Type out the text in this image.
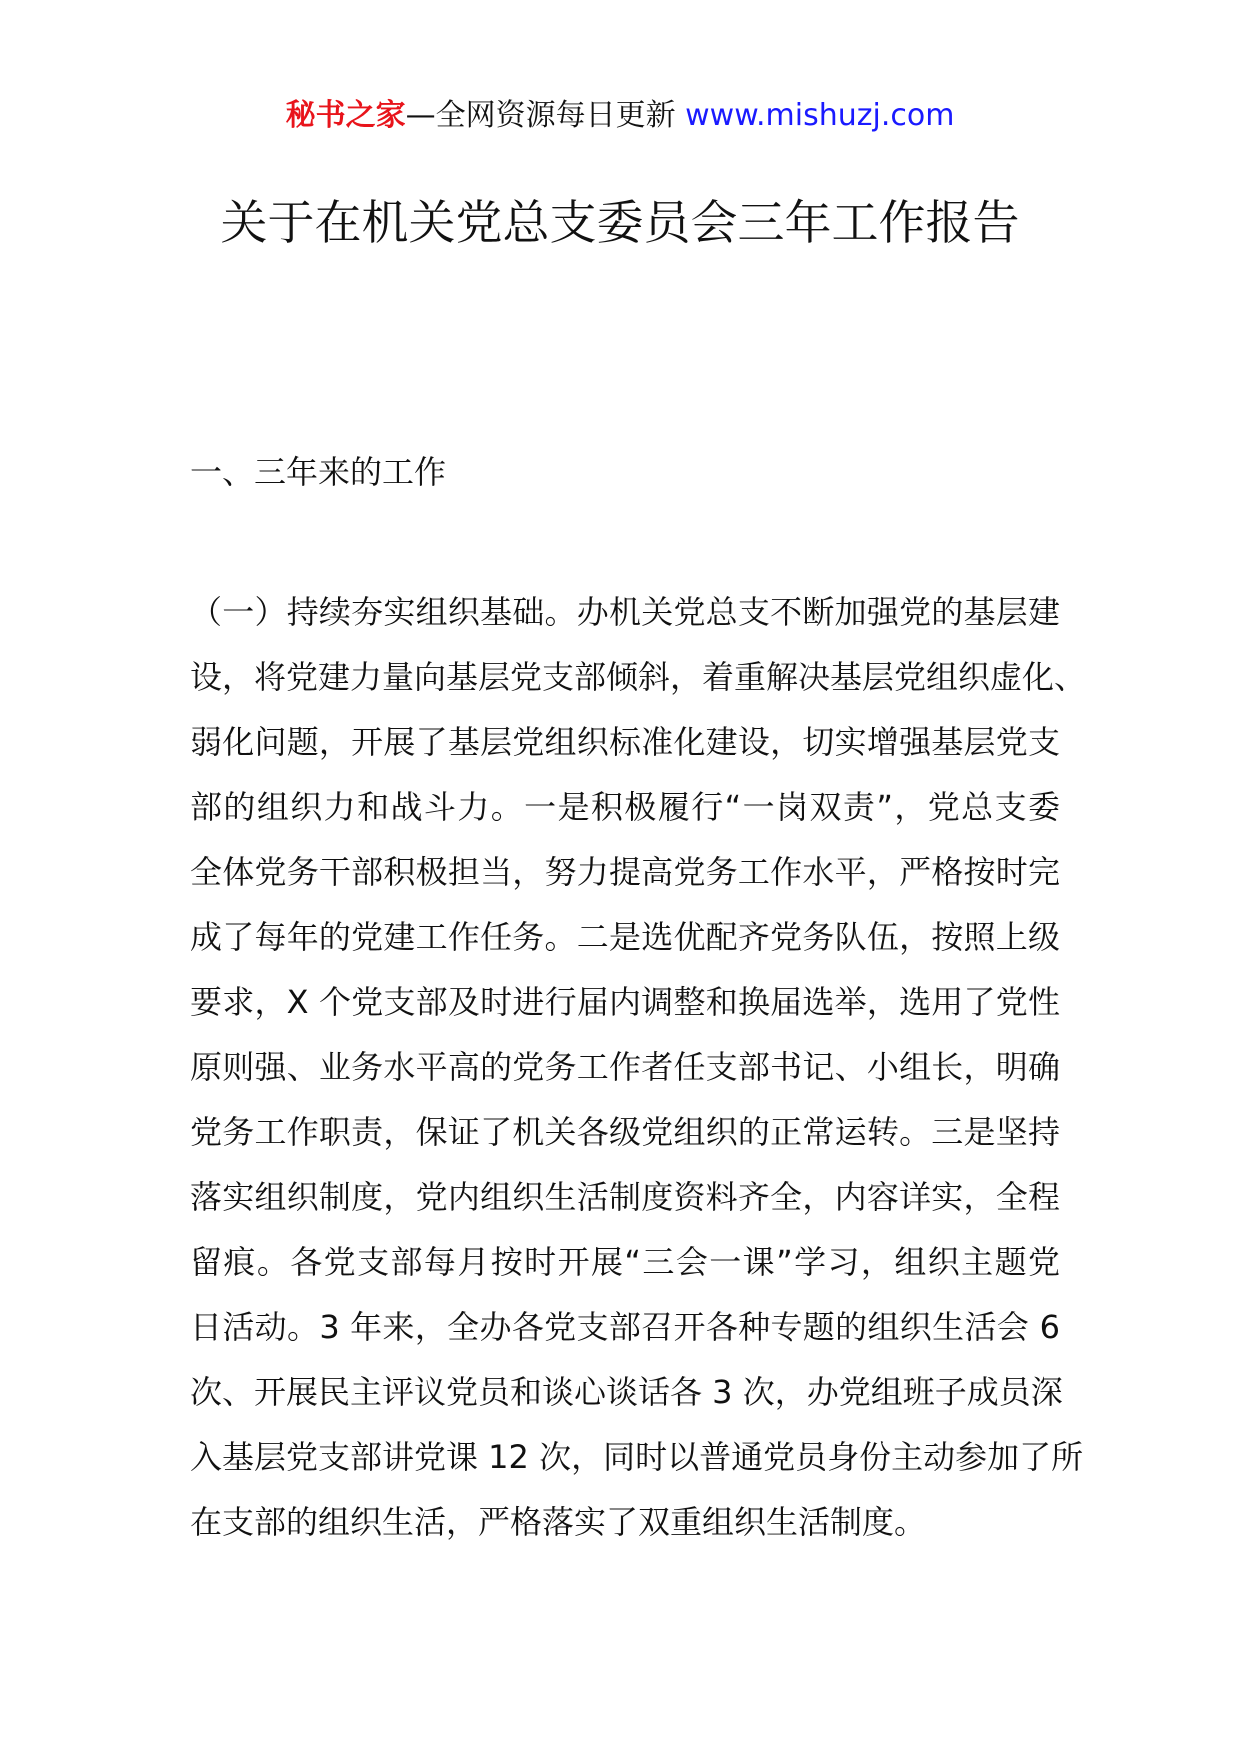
秘书之家—全网资源每日更新 www.mishuzj.com
关于在机关党总支委员会三年工作报告
一、三年来的工作
（一）持续夯实组织基础。办机关党总支不断加强党的基层建
设，将党建力量向基层党支部倾斜，着重解决基层党组织虚化、
弱化问题，开展了基层党组织标准化建设，切实增强基层党支
部的组织力和战斗力。一是积极履行“一岗双责”，党总支委
全体党务干部积极担当，努力提高党务工作水平，严格按时完
成了每年的党建工作任务。二是选优配齐党务队伍，按照上级
要求，X 个党支部及时进行届内调整和换届选举，选用了党性
原则强、业务水平高的党务工作者任支部书记、小组长，明确
党务工作职责，保证了机关各级党组织的正常运转。三是坚持
落实组织制度，党内组织生活制度资料齐全，内容详实，全程
留痕。各党支部每月按时开展“三会一课”学习，组织主题党
日活动。3 年来，全办各党支部召开各种专题的组织生活会 6
次、开展民主评议党员和谈心谈话各 3 次，办党组班子成员深
入基层党支部讲党课 12 次，同时以普通党员身份主动参加了所
在支部的组织生活，严格落实了双重组织生活制度。
